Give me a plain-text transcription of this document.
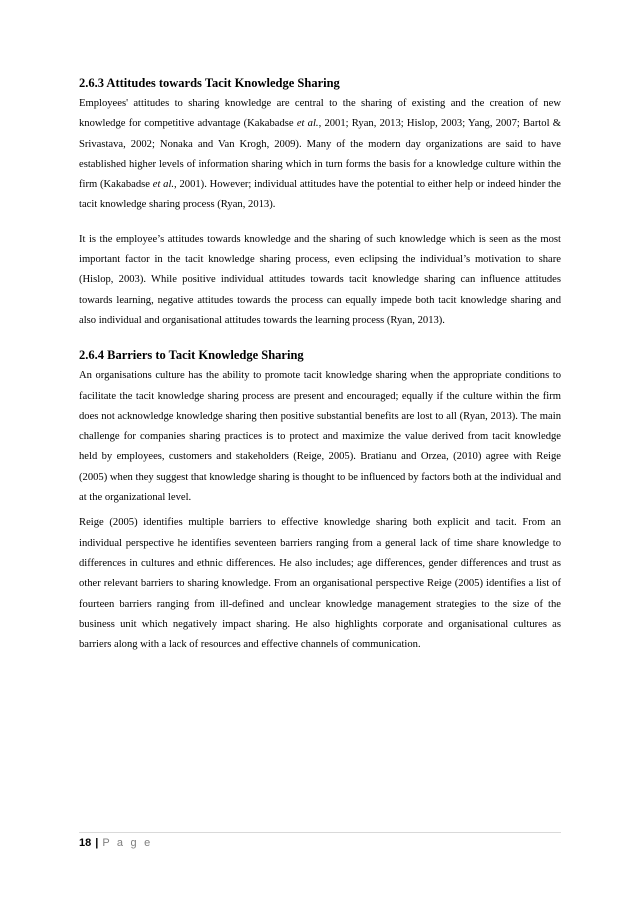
2.6.3 Attitudes towards Tacit Knowledge Sharing

Employees' attitudes to sharing knowledge are central to the sharing of existing and the creation of new knowledge for competitive advantage (Kakabadse et al., 2001; Ryan, 2013; Hislop, 2003; Yang, 2007; Bartol & Srivastava, 2002; Nonaka and Van Krogh, 2009). Many of the modern day organizations are said to have established higher levels of information sharing which in turn forms the basis for a knowledge culture within the firm (Kakabadse et al., 2001). However; individual attitudes have the potential to either help or indeed hinder the tacit knowledge sharing process (Ryan, 2013).

It is the employee’s attitudes towards knowledge and the sharing of such knowledge which is seen as the most important factor in the tacit knowledge sharing process, even eclipsing the individual’s motivation to share (Hislop, 2003). While positive individual attitudes towards tacit knowledge sharing can influence attitudes towards learning, negative attitudes towards the process can equally impede both tacit knowledge sharing and also individual and organisational attitudes towards the learning process (Ryan, 2013).

2.6.4 Barriers to Tacit Knowledge Sharing

An organisations culture has the ability to promote tacit knowledge sharing when the appropriate conditions to facilitate the tacit knowledge sharing process are present and encouraged; equally if the culture within the firm does not acknowledge knowledge sharing then positive substantial benefits are lost to all (Ryan, 2013). The main challenge for companies sharing practices is to protect and maximize the value derived from tacit knowledge held by employees, customers and stakeholders (Reige, 2005). Bratianu and Orzea, (2010) agree with Reige (2005) when they suggest that knowledge sharing is thought to be influenced by factors both at the individual and at the organizational level.

Reige (2005) identifies multiple barriers to effective knowledge sharing both explicit and tacit. From an individual perspective he identifies seventeen barriers ranging from a general lack of time share knowledge to differences in cultures and ethnic differences. He also includes; age differences, gender differences and trust as other relevant barriers to sharing knowledge. From an organisational perspective Reige (2005) identifies a list of fourteen barriers ranging from ill-defined and unclear knowledge management strategies to the size of the business unit which negatively impact sharing. He also highlights corporate and organisational cultures as barriers along with a lack of resources and effective channels of communication.

18 | P a g e
